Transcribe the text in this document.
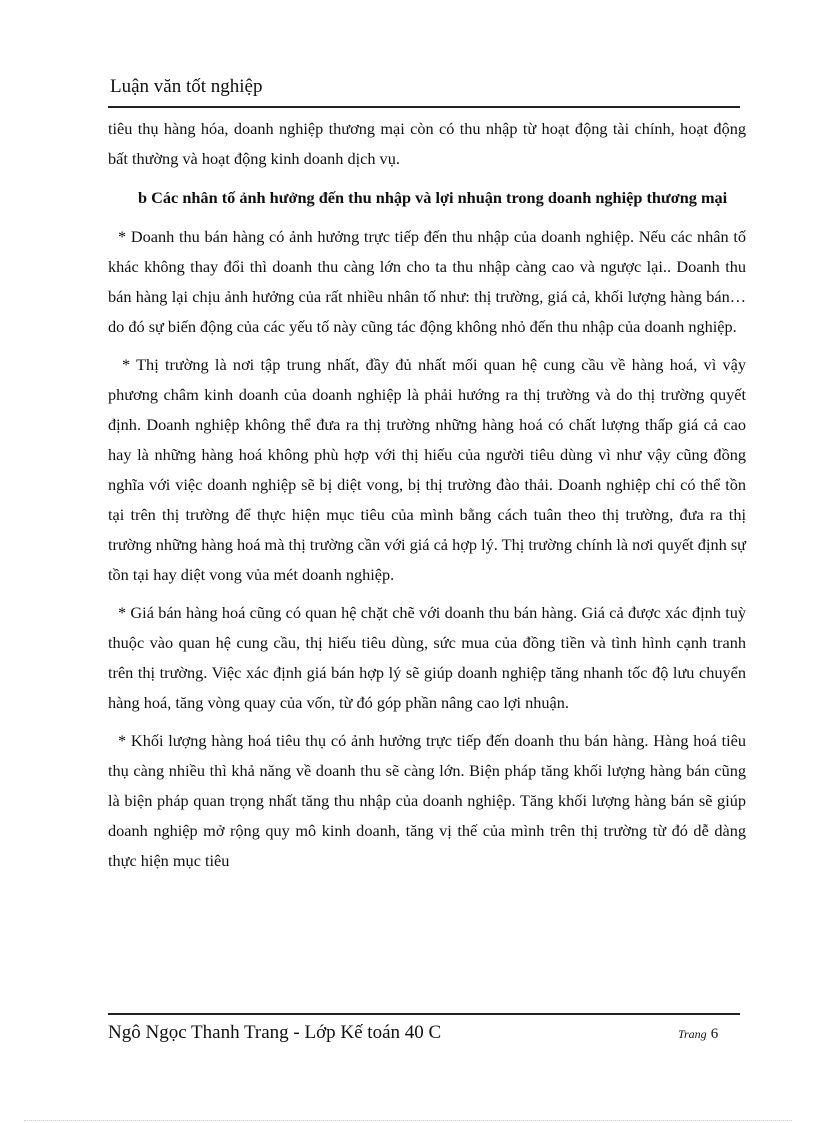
Luận văn tốt nghiệp

tiêu thụ hàng hóa, doanh nghiệp thương mại còn có thu nhập từ hoạt động tài chính, hoạt động bất thường và hoạt động kinh doanh dịch vụ.

b Các nhân tố ảnh hưởng đến thu nhập và lợi nhuận trong doanh nghiệp thương mại

* Doanh thu bán hàng có ảnh hưởng trực tiếp đến thu nhập của doanh nghiệp. Nếu các nhân tố khác không thay đổi thì doanh thu càng lớn cho ta thu nhập càng cao và ngược lại.. Doanh thu bán hàng lại chịu ảnh hưởng của rất nhiều nhân tố như: thị trường, giá cả, khối lượng hàng bán… do đó sự biến động của các yếu tố này cũng tác động không nhỏ đến thu nhập của doanh nghiệp.

* Thị trường là nơi tập trung nhất, đầy đủ nhất mối quan hệ cung cầu về hàng hoá, vì vậy phương châm kinh doanh của doanh nghiệp là phải hướng ra thị trường và do thị trường quyết định. Doanh nghiệp không thể đưa ra thị trường những hàng hoá có chất lượng thấp giá cả cao hay là những hàng hoá không phù hợp với thị hiếu của người tiêu dùng vì như vậy cũng đồng nghĩa với việc doanh nghiệp sẽ bị diệt vong, bị thị trường đào thải. Doanh nghiệp chỉ có thể tồn tại trên thị trường để thực hiện mục tiêu của mình bằng cách tuân theo thị trường, đưa ra thị trường những hàng hoá mà thị trường cần với giá cả hợp lý. Thị trường chính là nơi quyết định sự tồn tại hay diệt vong vủa mét doanh nghiệp.

* Giá bán hàng hoá cũng có quan hệ chặt chẽ với doanh thu bán hàng. Giá cả được xác định tuỳ thuộc vào quan hệ cung cầu, thị hiếu tiêu dùng, sức mua của đồng tiền và tình hình cạnh tranh trên thị trường. Việc xác định giá bán hợp lý sẽ giúp doanh nghiệp tăng nhanh tốc độ lưu chuyển hàng hoá, tăng vòng quay của vốn, từ đó góp phần nâng cao lợi nhuận.

* Khối lượng hàng hoá tiêu thụ có ảnh hưởng trực tiếp đến doanh thu bán hàng. Hàng hoá tiêu thụ càng nhiều thì khả năng về doanh thu sẽ càng lớn. Biện pháp tăng khối lượng hàng bán cũng là biện pháp quan trọng nhất tăng thu nhập của doanh nghiệp. Tăng khối lượng hàng bán sẽ giúp doanh nghiệp mở rộng quy mô kinh doanh, tăng vị thế của mình trên thị trường từ đó dễ dàng thực hiện mục tiêu

Ngô Ngọc Thanh Trang - Lớp Kế toán 40 C	Trang 6
